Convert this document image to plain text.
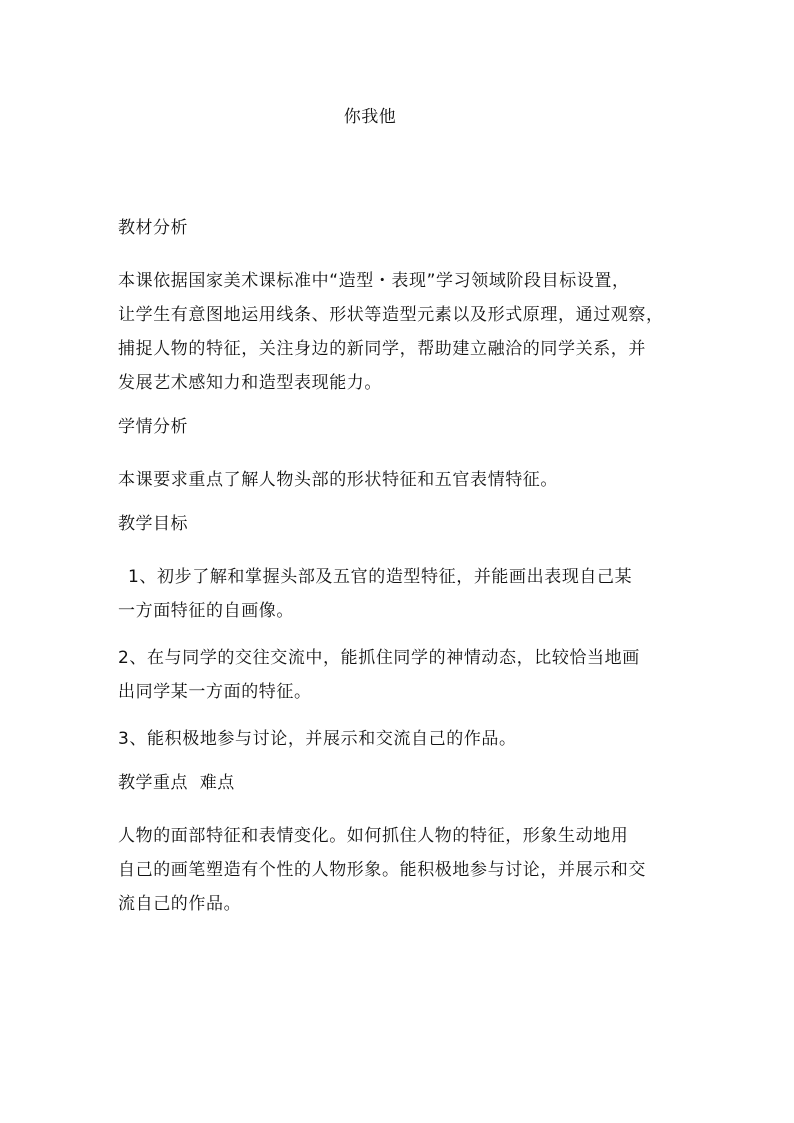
你我他
教材分析
本课依据国家美术课标准中“造型・表现”学习领域阶段目标设置，
让学生有意图地运用线条、形状等造型元素以及形式原理，通过观察，
捕捉人物的特征，关注身边的新同学，帮助建立融洽的同学关系，并
发展艺术感知力和造型表现能力。
学情分析
本课要求重点了解人物头部的形状特征和五官表情特征。
教学目标
1、初步了解和掌握头部及五官的造型特征，并能画出表现自己某
一方面特征的自画像。
2、在与同学的交往交流中，能抓住同学的神情动态，比较恰当地画
出同学某一方面的特征。
3、能积极地参与讨论，并展示和交流自己的作品。
教学重点  难点
人物的面部特征和表情变化。如何抓住人物的特征，形象生动地用
自己的画笔塑造有个性的人物形象。能积极地参与讨论，并展示和交
流自己的作品。
